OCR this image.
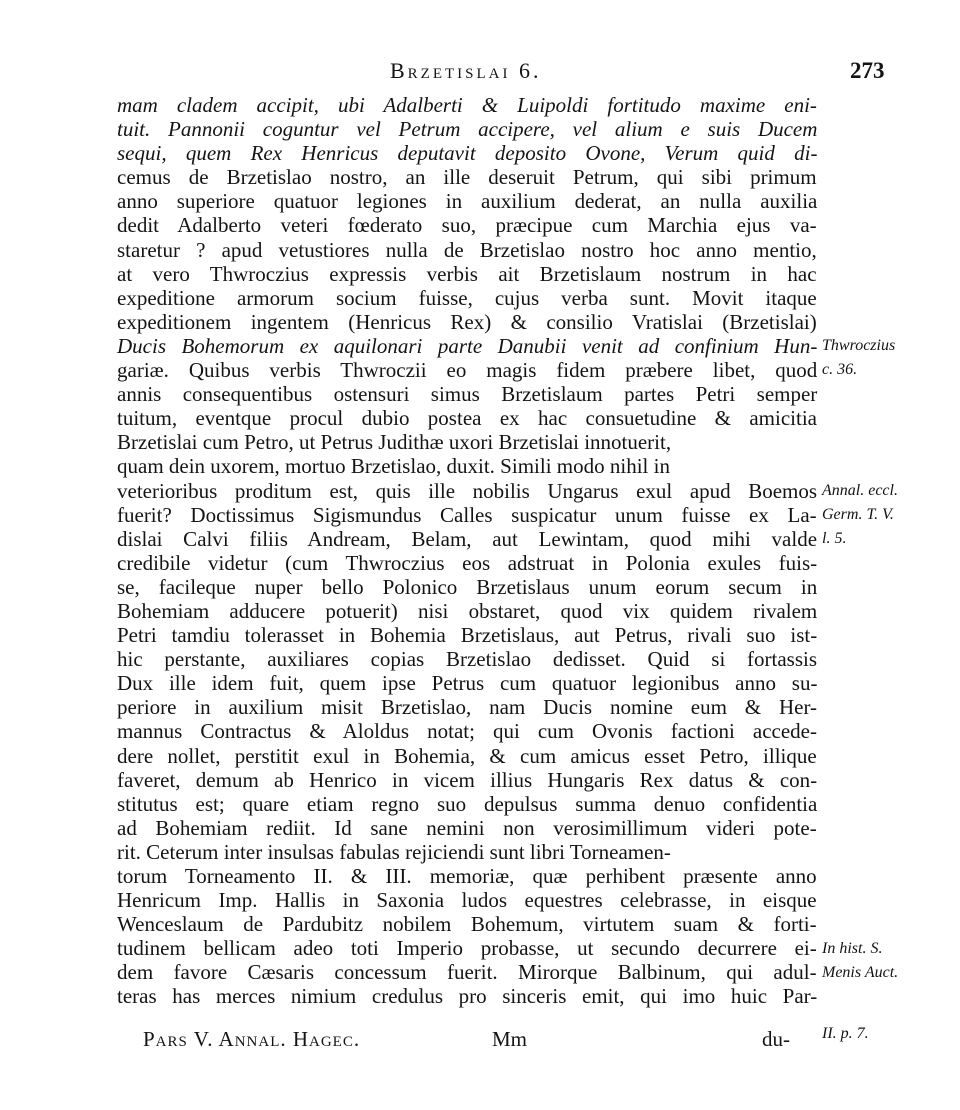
Brzetislai 6.	273
mam cladem accipit, ubi Adalberti & Luipoldi fortitudo maxime eni-
tuit. Pannonii coguntur vel Petrum accipere, vel alium e suis Ducem
sequi, quem Rex Henricus deputavit deposito Ovone, Verum quid di-
cemus de Brzetislao nostro, an ille deseruit Petrum, qui sibi primum
anno superiore quatuor legiones in auxilium dederat, an nulla auxilia
dedit Adalberto veteri fœderato suo, præcipue cum Marchia ejus va-
staretur ? apud vetustiores nulla de Brzetislao nostro hoc anno mentio,
at vero Thwroczius expressis verbis ait Brzetislaum nostrum in hac
expeditione armorum socium fuisse, cujus verba sunt. Movit itaque
expeditionem ingentem (Henricus Rex) & consilio Vratislai (Brzetislai)
Ducis Bohemorum ex aquilonari parte Danubii venit ad confinium Hun-
gariæ. Quibus verbis Thwroczii eo magis fidem præbere libet, quod
annis consequentibus ostensuri simus Brzetislaum partes Petri semper
tuitum, eventque procul dubio postea ex hac consuetudine & amicitia
Brzetislai cum Petro, ut Petrus Judithæ uxori Brzetislai innotuerit,
quam dein uxorem, mortuo Brzetislao, duxit. Simili modo nihil in
veterioribus proditum est, quis ille nobilis Ungarus exul apud Boemos
fuerit? Doctissimus Sigismundus Calles suspicatur unum fuisse ex La-
dislai Calvi filiis Andream, Belam, aut Lewintam, quod mihi valde
credibile videtur (cum Thwroczius eos adstruat in Polonia exules fuis-
se, facileque nuper bello Polonico Brzetislaus unum eorum secum in
Bohemiam adducere potuerit) nisi obstaret, quod vix quidem rivalem
Petri tamdiu tolerasset in Bohemia Brzetislaus, aut Petrus, rivali suo ist-
hic perstante, auxiliares copias Brzetislao dedisset. Quid si fortassis
Dux ille idem fuit, quem ipse Petrus cum quatuor legionibus anno su-
periore in auxilium misit Brzetislao, nam Ducis nomine eum & Her-
mannus Contractus & Aloldus notat; qui cum Ovonis factioni accede-
dere nollet, perstitit exul in Bohemia, & cum amicus esset Petro, illique
faveret, demum ab Henrico in vicem illius Hungaris Rex datus & con-
stitutus est; quare etiam regno suo depulsus summa denuo confidentia
ad Bohemiam rediit. Id sane nemini non verosimillimum videri pote-
rit. Ceterum inter insulsas fabulas rejiciendi sunt libri Torneamen-
torum Torneamento II. & III. memoriæ, quæ perhibent præsente anno
Henricum Imp. Hallis in Saxonia ludos equestres celebrasse, in eisque
Wenceslaum de Pardubitz nobilem Bohemum, virtutem suam & forti-
tudinem bellicam adeo toti Imperio probasse, ut secundo decurrere ei-
dem favore Cæsaris concessum fuerit. Mirorque Balbinum, qui adul-
teras has merces nimium credulus pro sinceris emit, qui imo huic Par-
Thwroczius
c. 36.
Annal. eccl.
Germ. T. V.
l. 5.
In hist. S.
Menis Auct.
Pars V. Annal. Hagec.	Mm	du- II. p. 7.
